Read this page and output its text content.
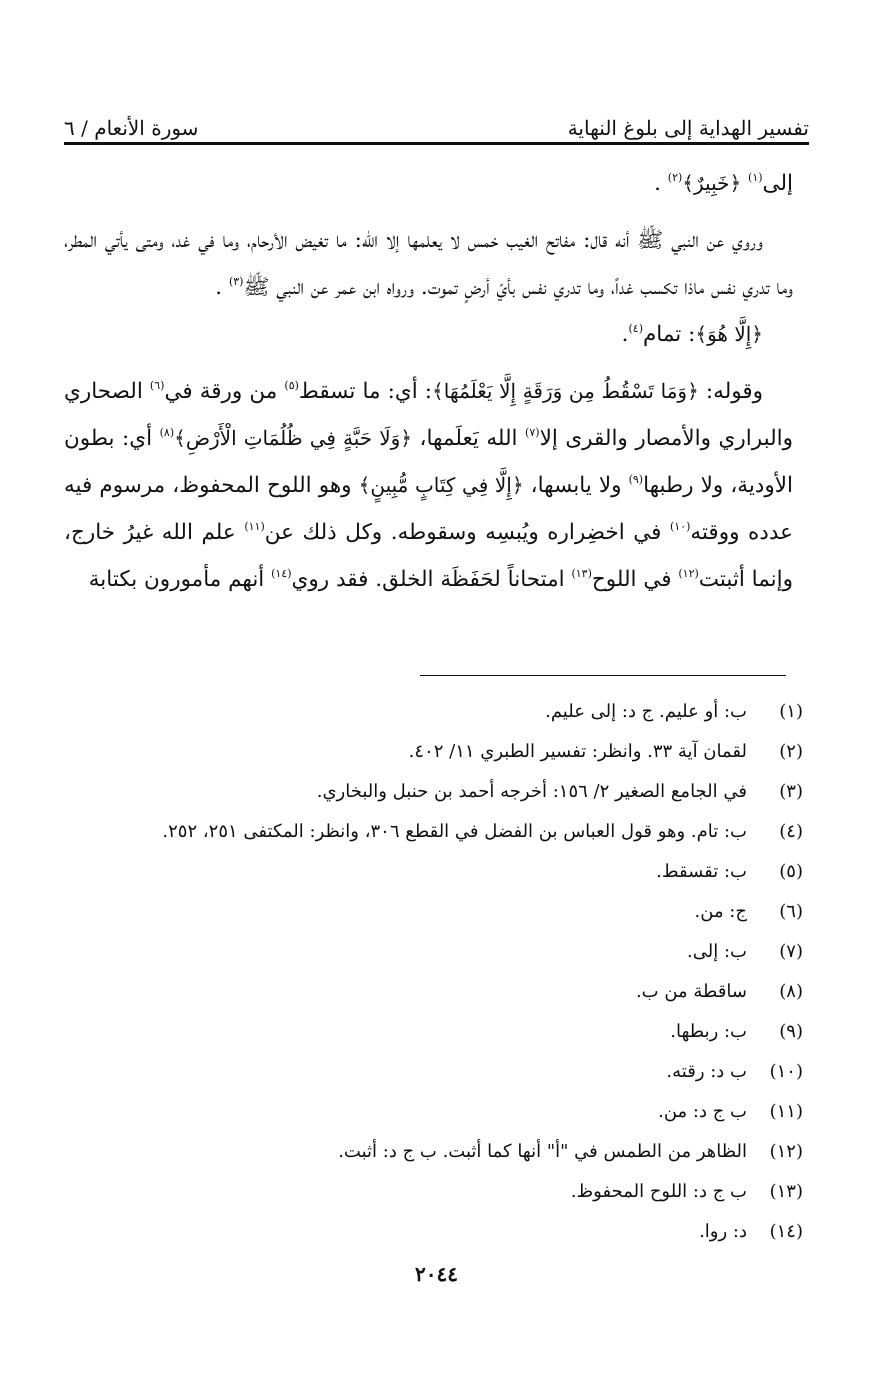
تفسير الهداية إلى بلوغ النهاية
سورة الأنعام / ٦

إلى$^{(١)}$ ﴿خَبِيرٌ﴾$^{(٢)}$ .

وروي عن النبي ﷺ أنه قال: مفاتح الغيب خمس لا يعلمها إلا الله: ما تغيض الأرحام، وما في غد، ومتى يأتي المطر، وما تدري نفس ماذا تكسب غداً، وما تدري نفس بأيّ أرضٍ تموت. ورواه ابن عمر عن النبي ﷺ$^{(٣)}$ .

﴿إِلَّا هُوَ﴾: تمام$^{(٤)}$.

وقوله: ﴿وَمَا تَسْقُطُ مِن وَرَقَةٍ إِلَّا يَعْلَمُهَا﴾: أي: ما تسقط$^{(٥)}$ من ورقة في$^{(٦)}$ الصحاري والبراري والأمصار والقرى إلا$^{(٧)}$ الله يَعلَمها، ﴿وَلَا حَبَّةٍ فِي ظُلُمَاتِ الْأَرْضِ﴾$^{(٨)}$ أي: بطون الأودية، ولا رطبها$^{(٩)}$ ولا يابسها، ﴿إِلَّا فِي كِتَابٍ مُّبِينٍ﴾ وهو اللوح المحفوظ، مرسوم فيه عدده ووقته$^{(١٠)}$ في اخضِراره ويُبسِه وسقوطه. وكل ذلك عن$^{(١١)}$ علم الله غيرُ خارج، وإنما أثبتت$^{(١٢)}$ في اللوح$^{(١٣)}$ امتحاناً لحَفَظَة الخلق. فقد روي$^{(١٤)}$ أنهم مأمورون بكتابة

(١)
ب: أو عليم. ج د: إلى عليم.
(٢)
لقمان آية ٣٣. وانظر: تفسير الطبري ١١/ ٤٠٢.
(٣)
في الجامع الصغير ٢/ ١٥٦: أخرجه أحمد بن حنبل والبخاري.
(٤)
ب: تام. وهو قول العباس بن الفضل في القطع ٣٠٦، وانظر: المكتفى ٢٥١، ٢٥٢.
(٥)
ب: تقسقط.
(٦)
ج: من.
(٧)
ب: إلى.
(٨)
ساقطة من ب.
(٩)
ب: ربطها.
(١٠)
ب د: رقته.
(١١)
ب ج د: من.
(١٢)
الظاهر من الطمس في "أ" أنها كما أثبت. ب ج د: أثبت.
(١٣)
ب ج د: اللوح المحفوظ.
(١٤)
د: روا.
٢٠٤٤
